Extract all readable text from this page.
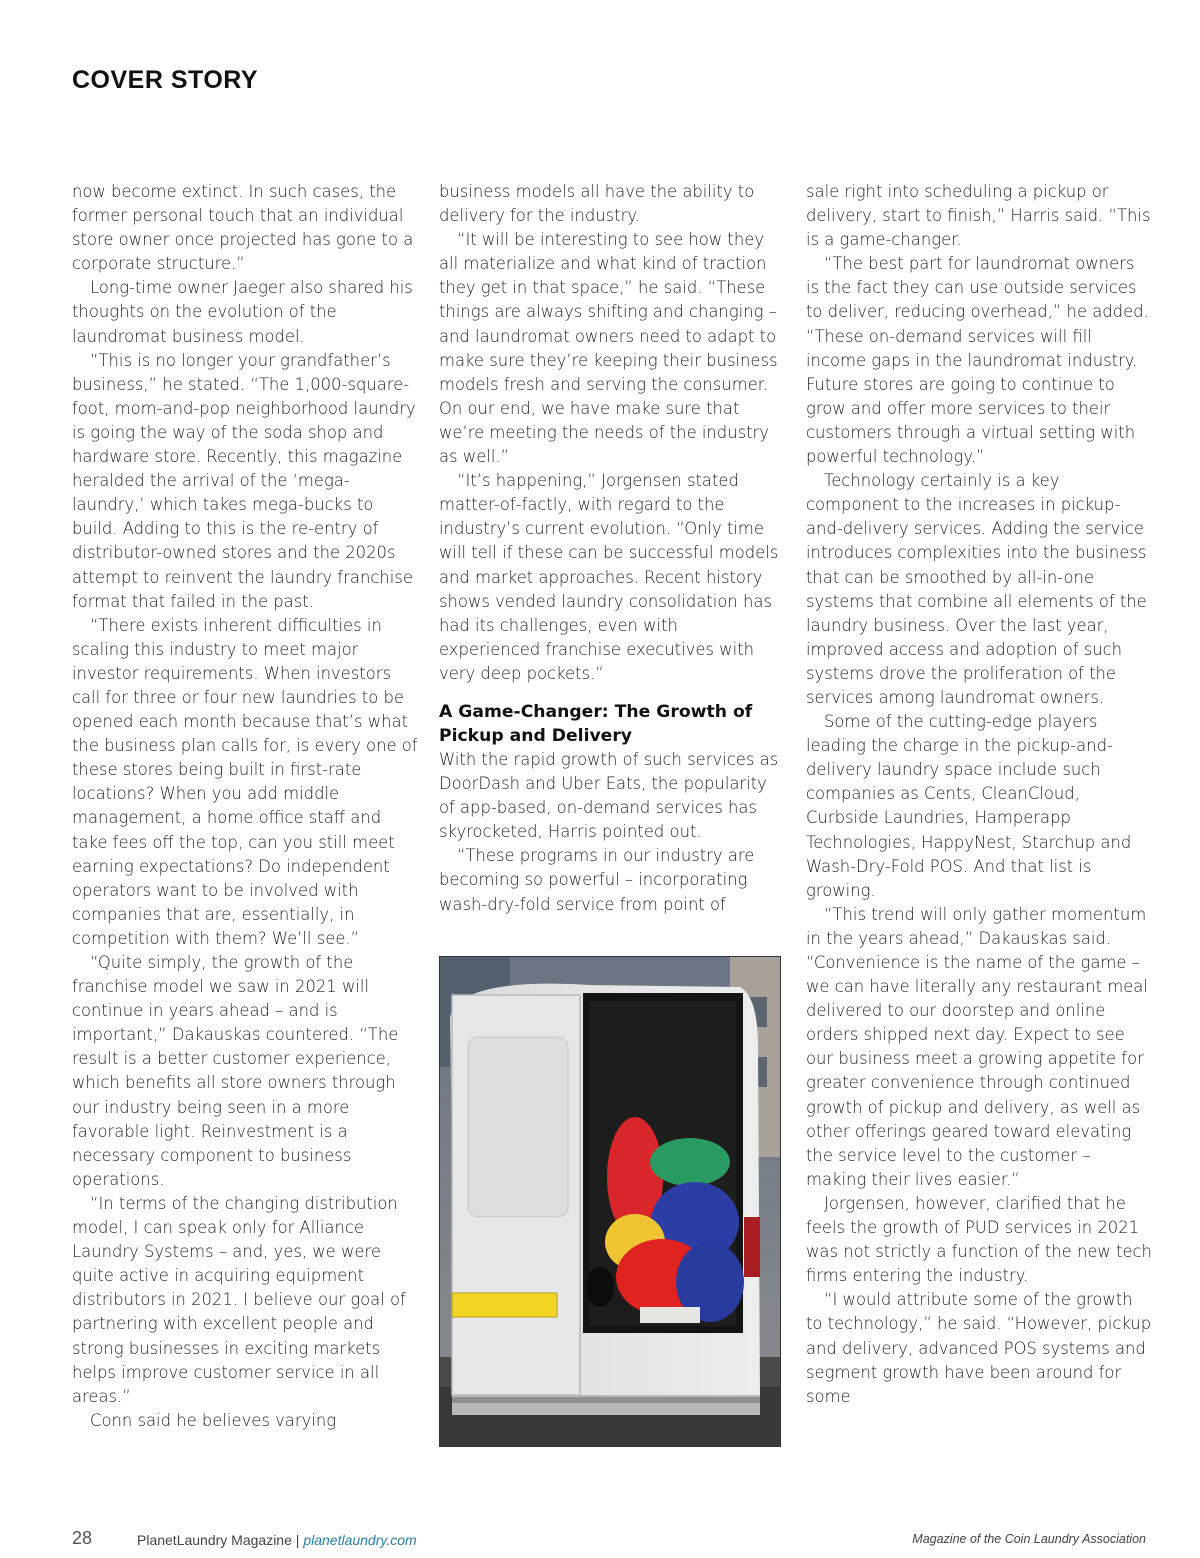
COVER STORY

now become extinct. In such cases, the former personal touch that an individual store owner once projected has gone to a corporate structure.”

Long-time owner Jaeger also shared his thoughts on the evolution of the laundromat business model.

“This is no longer your grandfather’s business,” he stated. “The 1,000-square-foot, mom-and-pop neighborhood laundry is going the way of the soda shop and hardware store. Recently, this magazine heralded the arrival of the ‘mega-laundry,’ which takes mega-bucks to build. Adding to this is the re-entry of distributor-owned stores and the 2020s attempt to reinvent the laundry franchise format that failed in the past.

“There exists inherent difficulties in scaling this industry to meet major investor requirements. When investors call for three or four new laundries to be opened each month because that’s what the business plan calls for, is every one of these stores being built in first-rate locations? When you add middle management, a home office staff and take fees off the top, can you still meet earning expectations? Do independent operators want to be involved with companies that are, essentially, in competition with them? We’ll see.”

“Quite simply, the growth of the franchise model we saw in 2021 will continue in years ahead – and is important,” Dakauskas countered. “The result is a better customer experience, which benefits all store owners through our industry being seen in a more favorable light. Reinvestment is a necessary component to business operations.

“In terms of the changing distribution model, I can speak only for Alliance Laundry Systems – and, yes, we were quite active in acquiring equipment distributors in 2021. I believe our goal of partnering with excellent people and strong businesses in exciting markets helps improve customer service in all areas.”

Conn said he believes varying

business models all have the ability to delivery for the industry.

“It will be interesting to see how they all materialize and what kind of traction they get in that space,” he said. “These things are always shifting and changing – and laundromat owners need to adapt to make sure they’re keeping their business models fresh and serving the consumer. On our end, we have make sure that we’re meeting the needs of the industry as well.”

“It’s happening,” Jorgensen stated matter-of-factly, with regard to the industry’s current evolution. “Only time will tell if these can be successful models and market approaches. Recent history shows vended laundry consolidation has had its challenges, even with experienced franchise executives with very deep pockets.”

A Game-Changer: The Growth of Pickup and Delivery

With the rapid growth of such services as DoorDash and Uber Eats, the popularity of app-based, on-demand services has skyrocketed, Harris pointed out.

“These programs in our industry are becoming so powerful – incorporating wash-dry-fold service from point of

sale right into scheduling a pickup or delivery, start to finish,” Harris said. “This is a game-changer.

“The best part for laundromat owners is the fact they can use outside services to deliver, reducing overhead,” he added. “These on-demand services will fill income gaps in the laundromat industry. Future stores are going to continue to grow and offer more services to their customers through a virtual setting with powerful technology.”

Technology certainly is a key component to the increases in pickup-and-delivery services. Adding the service introduces complexities into the business that can be smoothed by all-in-one systems that combine all elements of the laundry business. Over the last year, improved access and adoption of such systems drove the proliferation of the services among laundromat owners.

Some of the cutting-edge players leading the charge in the pickup-and-delivery laundry space include such companies as Cents, CleanCloud, Curbside Laundries, Hamperapp Technologies, HappyNest, Starchup and Wash-Dry-Fold POS. And that list is growing.

“This trend will only gather momentum in the years ahead,” Dakauskas said. “Convenience is the name of the game – we can have literally any restaurant meal delivered to our doorstep and online orders shipped next day. Expect to see our business meet a growing appetite for greater convenience through continued growth of pickup and delivery, as well as other offerings geared toward elevating the service level to the customer – making their lives easier.”

Jorgensen, however, clarified that he feels the growth of PUD services in 2021 was not strictly a function of the new tech firms entering the industry.

“I would attribute some of the growth to technology,” he said. “However, pickup and delivery, advanced POS systems and segment growth have been around for some

28	PlanetLaundry Magazine | planetlaundry.com	Magazine of the Coin Laundry Association
